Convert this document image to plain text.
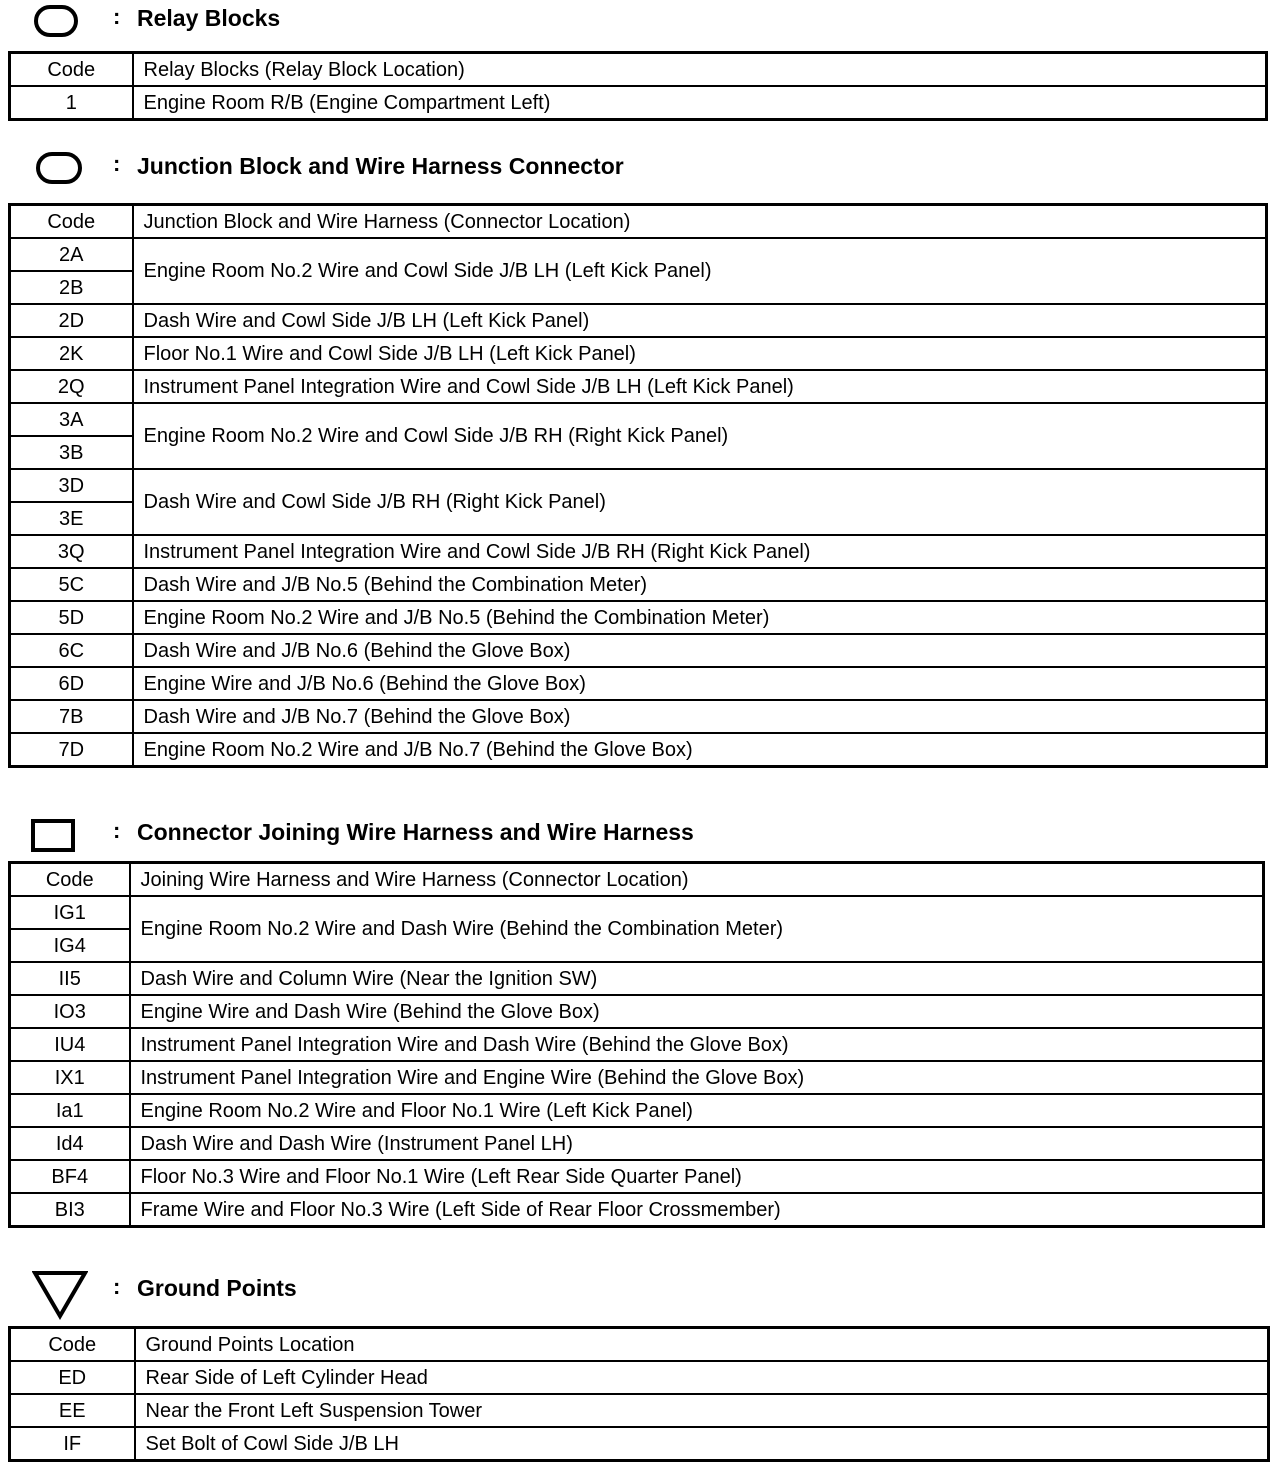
: Relay Blocks
Code	Relay Blocks (Relay Block Location)
1	Engine Room R/B (Engine Compartment Left)
: Junction Block and Wire Harness Connector
Code	Junction Block and Wire Harness (Connector Location)
2A	Engine Room No.2 Wire and Cowl Side J/B LH (Left Kick Panel)
2B	
2D	Dash Wire and Cowl Side J/B LH (Left Kick Panel)
2K	Floor No.1 Wire and Cowl Side J/B LH (Left Kick Panel)
2Q	Instrument Panel Integration Wire and Cowl Side J/B LH (Left Kick Panel)
3A	Engine Room No.2 Wire and Cowl Side J/B RH (Right Kick Panel)
3B	
3D	Dash Wire and Cowl Side J/B RH (Right Kick Panel)
3E	
3Q	Instrument Panel Integration Wire and Cowl Side J/B RH (Right Kick Panel)
5C	Dash Wire and J/B No.5 (Behind the Combination Meter)
5D	Engine Room No.2 Wire and J/B No.5 (Behind the Combination Meter)
6C	Dash Wire and J/B No.6 (Behind the Glove Box)
6D	Engine Wire and J/B No.6 (Behind the Glove Box)
7B	Dash Wire and J/B No.7 (Behind the Glove Box)
7D	Engine Room No.2 Wire and J/B No.7 (Behind the Glove Box)
: Connector Joining Wire Harness and Wire Harness
Code	Joining Wire Harness and Wire Harness (Connector Location)
IG1	Engine Room No.2 Wire and Dash Wire (Behind the Combination Meter)
IG4	
II5	Dash Wire and Column Wire (Near the Ignition SW)
IO3	Engine Wire and Dash Wire (Behind the Glove Box)
IU4	Instrument Panel Integration Wire and Dash Wire (Behind the Glove Box)
IX1	Instrument Panel Integration Wire and Engine Wire (Behind the Glove Box)
Ia1	Engine Room No.2 Wire and Floor No.1 Wire (Left Kick Panel)
Id4	Dash Wire and Dash Wire (Instrument Panel LH)
BF4	Floor No.3 Wire and Floor No.1 Wire (Left Rear Side Quarter Panel)
BI3	Frame Wire and Floor No.3 Wire (Left Side of Rear Floor Crossmember)
: Ground Points
Code	Ground Points Location
ED	Rear Side of Left Cylinder Head
EE	Near the Front Left Suspension Tower
IF	Set Bolt of Cowl Side J/B LH
